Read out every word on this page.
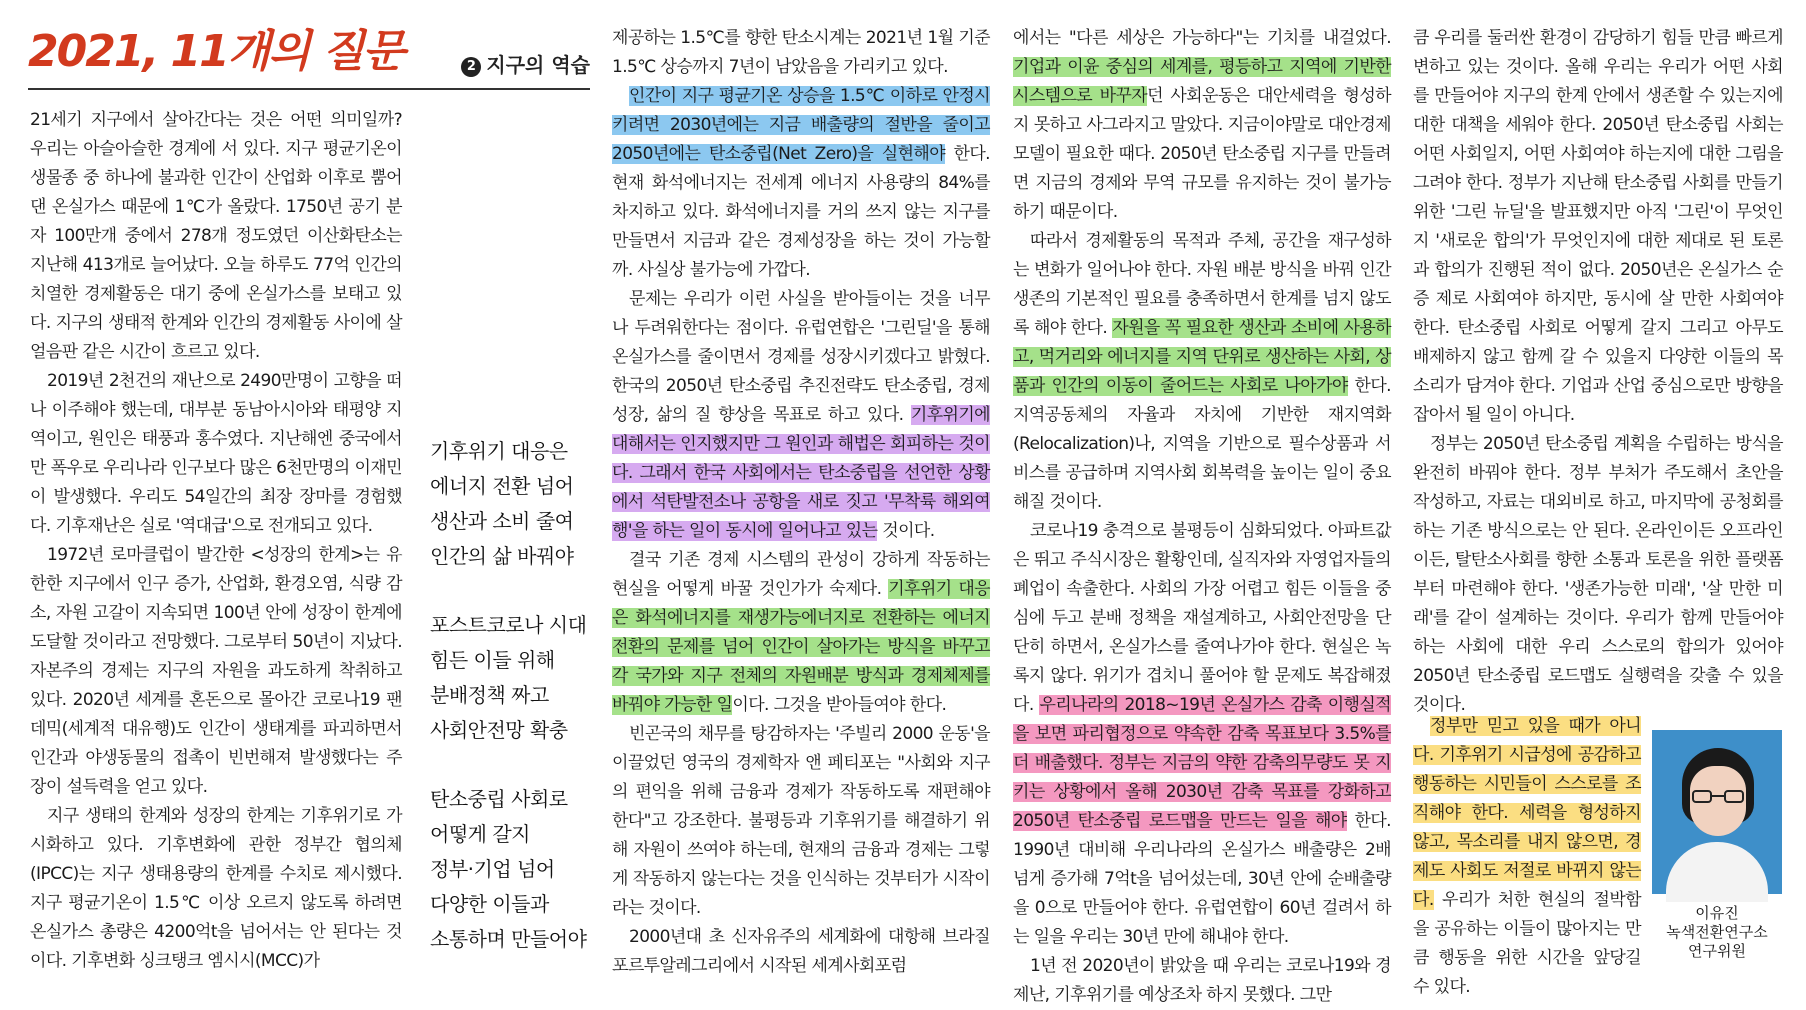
2021, 11개의 질문	2 지구의 역습

21세기 지구에서 살아간다는 것은 어떤 의미일까? 우리는 아슬아슬한 경계에 서 있다. 지구 평균기온이 생물종 중 하나에 불과한 인간이 산업화 이후로 뿜어댄 온실가스 때문에 1℃가 올랐다. 1750년 공기 분자 100만개 중에서 278개 정도였던 이산화탄소는 지난해 413개로 늘어났다. 오늘 하루도 77억 인간의 치열한 경제활동은 대기 중에 온실가스를 보태고 있다. 지구의 생태적 한계와 인간의 경제활동 사이에 살얼음판 같은 시간이 흐르고 있다.

2019년 2천건의 재난으로 2490만명이 고향을 떠나 이주해야 했는데, 대부분 동남아시아와 태평양 지역이고, 원인은 태풍과 홍수였다. 지난해엔 중국에서만 폭우로 우리나라 인구보다 많은 6천만명의 이재민이 발생했다. 우리도 54일간의 최장 장마를 경험했다. 기후재난은 실로 '역대급'으로 전개되고 있다.

1972년 로마클럽이 발간한 <성장의 한계>는 유한한 지구에서 인구 증가, 산업화, 환경오염, 식량 감소, 자원 고갈이 지속되면 100년 안에 성장이 한계에 도달할 것이라고 전망했다. 그로부터 50년이 지났다. 자본주의 경제는 지구의 자원을 과도하게 착취하고 있다. 2020년 세계를 혼돈으로 몰아간 코로나19 팬데믹(세계적 대유행)도 인간이 생태계를 파괴하면서 인간과 야생동물의 접촉이 빈번해져 발생했다는 주장이 설득력을 얻고 있다.

지구 생태의 한계와 성장의 한계는 기후위기로 가시화하고 있다. 기후변화에 관한 정부간 협의체(IPCC)는 지구 생태용량의 한계를 수치로 제시했다. 지구 평균기온이 1.5℃ 이상 오르지 않도록 하려면 온실가스 총량은 4200억t을 넘어서는 안 된다는 것이다. 기후변화 싱크탱크 엠시시(MCC)가

기후위기 대응은
에너지 전환 넘어
생산과 소비 줄여
인간의 삶 바꿔야
포스트코로나 시대
힘든 이들 위해
분배정책 짜고
사회안전망 확충
탄소중립 사회로
어떻게 갈지
정부·기업 넘어
다양한 이들과
소통하며 만들어야

제공하는 1.5℃를 향한 탄소시계는 2021년 1월 기준 1.5℃ 상승까지 7년이 남았음을 가리키고 있다.

인간이 지구 평균기온 상승을 1.5℃ 이하로 안정시키려면 2030년에는 지금 배출량의 절반을 줄이고 2050년에는 탄소중립(Net Zero)을 실현해야 한다. 현재 화석에너지는 전세계 에너지 사용량의 84%를 차지하고 있다. 화석에너지를 거의 쓰지 않는 지구를 만들면서 지금과 같은 경제성장을 하는 것이 가능할까. 사실상 불가능에 가깝다.

문제는 우리가 이런 사실을 받아들이는 것을 너무나 두려워한다는 점이다. 유럽연합은 '그린딜'을 통해 온실가스를 줄이면서 경제를 성장시키겠다고 밝혔다. 한국의 2050년 탄소중립 추진전략도 탄소중립, 경제성장, 삶의 질 향상을 목표로 하고 있다. 기후위기에 대해서는 인지했지만 그 원인과 해법은 회피하는 것이다. 그래서 한국 사회에서는 탄소중립을 선언한 상황에서 석탄발전소나 공항을 새로 짓고 '무착륙 해외여행'을 하는 일이 동시에 일어나고 있는 것이다.

결국 기존 경제 시스템의 관성이 강하게 작동하는 현실을 어떻게 바꿀 것인가가 숙제다. 기후위기 대응은 화석에너지를 재생가능에너지로 전환하는 에너지 전환의 문제를 넘어 인간이 살아가는 방식을 바꾸고 각 국가와 지구 전체의 자원배분 방식과 경제체제를 바꿔야 가능한 일이다. 그것을 받아들여야 한다.

빈곤국의 채무를 탕감하자는 '주빌리 2000 운동'을 이끌었던 영국의 경제학자 앤 페티포는 "사회와 지구의 편익을 위해 금융과 경제가 작동하도록 재편해야 한다"고 강조한다. 불평등과 기후위기를 해결하기 위해 자원이 쓰여야 하는데, 현재의 금융과 경제는 그렇게 작동하지 않는다는 것을 인식하는 것부터가 시작이라는 것이다.

2000년대 초 신자유주의 세계화에 대항해 브라질 포르투알레그리에서 시작된 세계사회포럼

에서는 "다른 세상은 가능하다"는 기치를 내걸었다. 기업과 이윤 중심의 세계를, 평등하고 지역에 기반한 시스템으로 바꾸자던 사회운동은 대안세력을 형성하지 못하고 사그라지고 말았다. 지금이야말로 대안경제 모델이 필요한 때다. 2050년 탄소중립 지구를 만들려면 지금의 경제와 무역 규모를 유지하는 것이 불가능하기 때문이다.

따라서 경제활동의 목적과 주체, 공간을 재구성하는 변화가 일어나야 한다. 자원 배분 방식을 바꿔 인간 생존의 기본적인 필요를 충족하면서 한계를 넘지 않도록 해야 한다. 자원을 꼭 필요한 생산과 소비에 사용하고, 먹거리와 에너지를 지역 단위로 생산하는 사회, 상품과 인간의 이동이 줄어드는 사회로 나아가야 한다. 지역공동체의 자율과 자치에 기반한 재지역화(Relocalization)나, 지역을 기반으로 필수상품과 서비스를 공급하며 지역사회 회복력을 높이는 일이 중요해질 것이다.

코로나19 충격으로 불평등이 심화되었다. 아파트값은 뛰고 주식시장은 활황인데, 실직자와 자영업자들의 폐업이 속출한다. 사회의 가장 어렵고 힘든 이들을 중심에 두고 분배 정책을 재설계하고, 사회안전망을 단단히 하면서, 온실가스를 줄여나가야 한다. 현실은 녹록지 않다. 위기가 겹치니 풀어야 할 문제도 복잡해졌다. 우리나라의 2018~19년 온실가스 감축 이행실적을 보면 파리협정으로 약속한 감축 목표보다 3.5%를 더 배출했다. 정부는 지금의 약한 감축의무량도 못 지키는 상황에서 올해 2030년 감축 목표를 강화하고 2050년 탄소중립 로드맵을 만드는 일을 해야 한다. 1990년 대비해 우리나라의 온실가스 배출량은 2배 넘게 증가해 7억t을 넘어섰는데, 30년 안에 순배출량을 0으로 만들어야 한다. 유럽연합이 60년 걸려서 하는 일을 우리는 30년 만에 해내야 한다.

1년 전 2020년이 밝았을 때 우리는 코로나19와 경제난, 기후위기를 예상조차 하지 못했다. 그만

큼 우리를 둘러싼 환경이 감당하기 힘들 만큼 빠르게 변하고 있는 것이다. 올해 우리는 우리가 어떤 사회를 만들어야 지구의 한계 안에서 생존할 수 있는지에 대한 대책을 세워야 한다. 2050년 탄소중립 사회는 어떤 사회일지, 어떤 사회여야 하는지에 대한 그림을 그려야 한다. 정부가 지난해 탄소중립 사회를 만들기 위한 '그린 뉴딜'을 발표했지만 아직 '그린'이 무엇인지 '새로운 합의'가 무엇인지에 대한 제대로 된 토론과 합의가 진행된 적이 없다. 2050년은 온실가스 순증 제로 사회여야 하지만, 동시에 살 만한 사회여야 한다. 탄소중립 사회로 어떻게 갈지 그리고 아무도 배제하지 않고 함께 갈 수 있을지 다양한 이들의 목소리가 담겨야 한다. 기업과 산업 중심으로만 방향을 잡아서 될 일이 아니다.

정부는 2050년 탄소중립 계획을 수립하는 방식을 완전히 바꿔야 한다. 정부 부처가 주도해서 초안을 작성하고, 자료는 대외비로 하고, 마지막에 공청회를 하는 기존 방식으로는 안 된다. 온라인이든 오프라인이든, 탈탄소사회를 향한 소통과 토론을 위한 플랫폼부터 마련해야 한다. '생존가능한 미래', '살 만한 미래'를 같이 설계하는 것이다. 우리가 함께 만들어야 하는 사회에 대한 우리 스스로의 합의가 있어야 2050년 탄소중립 로드맵도 실행력을 갖출 수 있을 것이다.

정부만 믿고 있을 때가 아니다. 기후위기 시급성에 공감하고 행동하는 시민들이 스스로를 조직해야 한다. 세력을 형성하지 않고, 목소리를 내지 않으면, 경제도 사회도 저절로 바뀌지 않는다. 우리가 처한 현실의 절박함을 공유하는 이들이 많아지는 만큼 행동을 위한 시간을 앞당길 수 있다.

이유진
녹색전환연구소
연구위원
